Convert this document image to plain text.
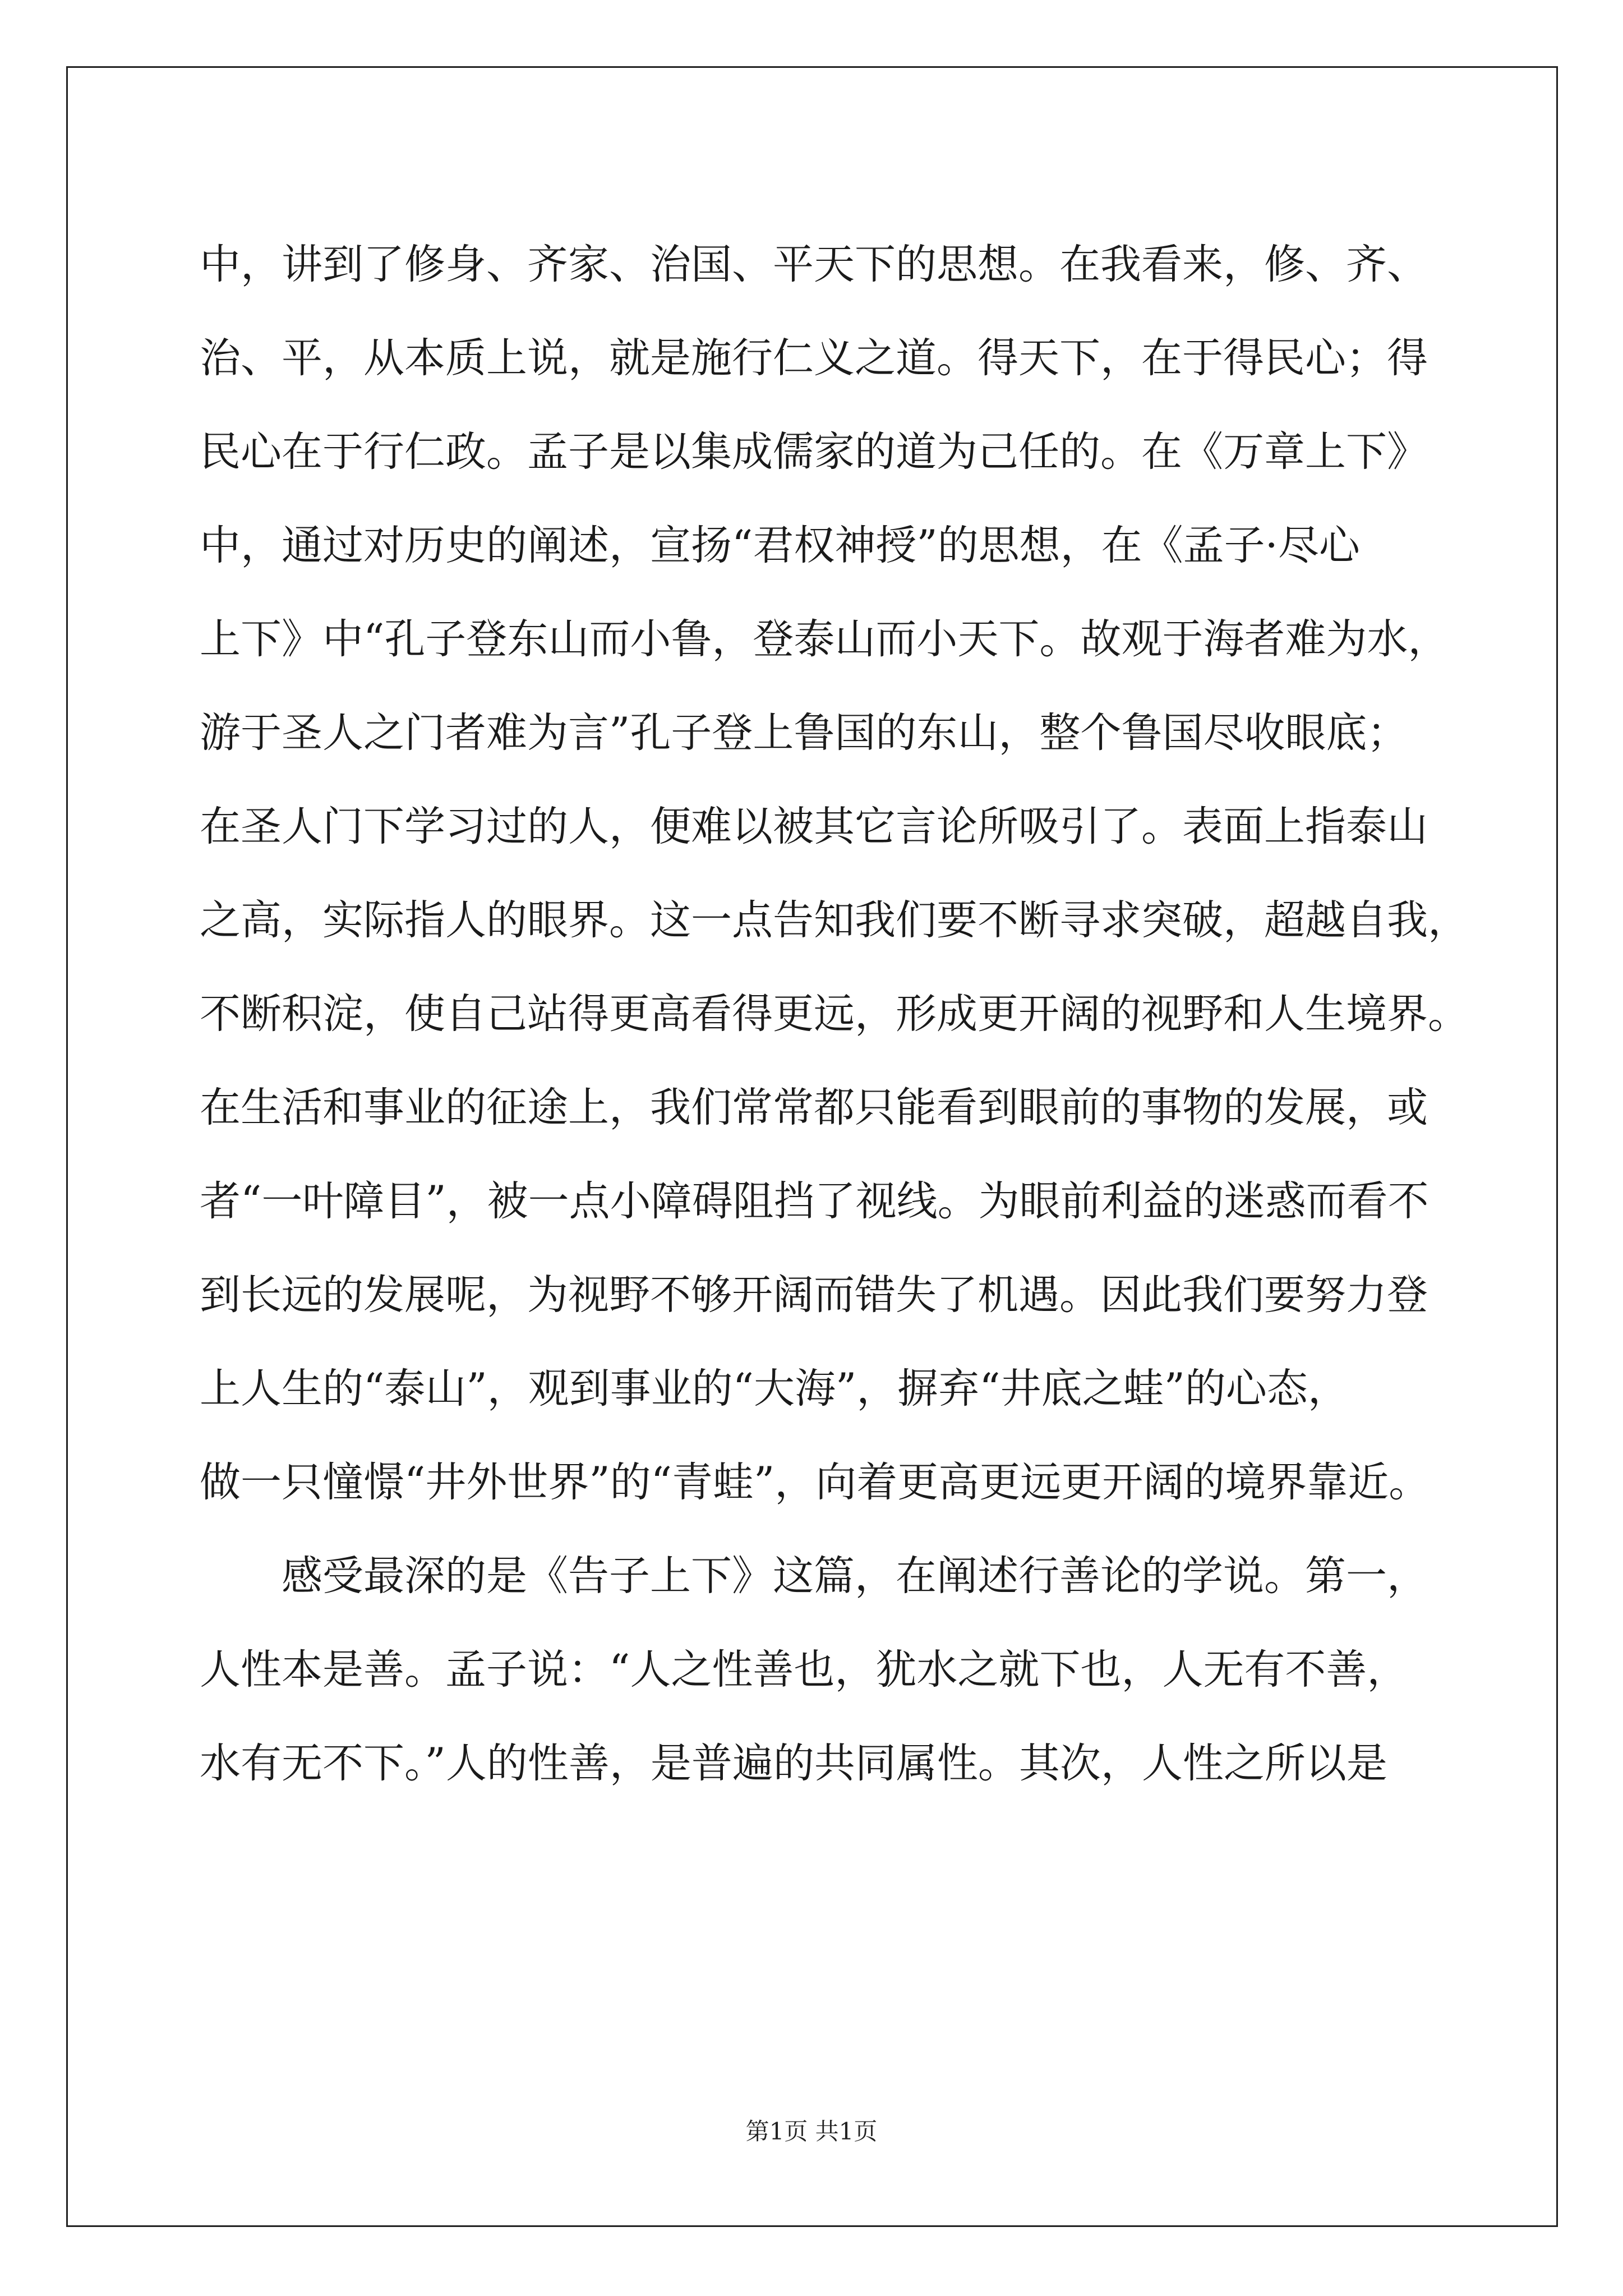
中，讲到了修身、齐家、治国、平天下的思想。在我看来，修、齐、
治、平，从本质上说，就是施行仁义之道。得天下，在于得民心；得
民心在于行仁政。孟子是以集成儒家的道为己任的。在《万章上下》
中，通过对历史的阐述，宣扬“君权神授”的思想，在《孟子·尽心
上下》中“孔子登东山而小鲁，登泰山而小天下。故观于海者难为水，
游于圣人之门者难为言”孔子登上鲁国的东山，整个鲁国尽收眼底；
在圣人门下学习过的人，便难以被其它言论所吸引了。表面上指泰山
之高，实际指人的眼界。这一点告知我们要不断寻求突破，超越自我，
不断积淀，使自己站得更高看得更远，形成更开阔的视野和人生境界。
在生活和事业的征途上，我们常常都只能看到眼前的事物的发展，或
者“一叶障目”，被一点小障碍阻挡了视线。为眼前利益的迷惑而看不
到长远的发展呢，为视野不够开阔而错失了机遇。因此我们要努力登
上人生的“泰山”，观到事业的“大海”，摒弃“井底之蛙”的心态，
做一只憧憬“井外世界”的“青蛙”，向着更高更远更开阔的境界靠近。
感受最深的是《告子上下》这篇，在阐述行善论的学说。第一，
人性本是善。孟子说：“人之性善也，犹水之就下也，人无有不善，
水有无不下。”人的性善，是普遍的共同属性。其次，人性之所以是
第1页 共1页
